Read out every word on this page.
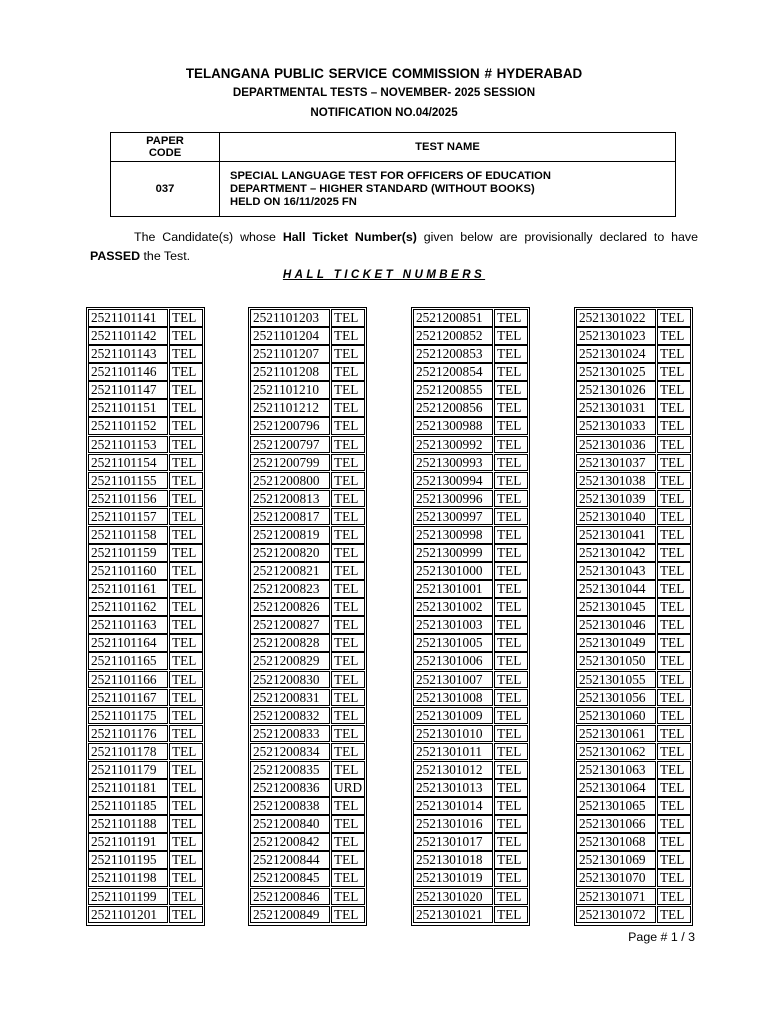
TELANGANA PUBLIC SERVICE COMMISSION # HYDERABAD
DEPARTMENTAL TESTS – NOVEMBER- 2025 SESSION
NOTIFICATION NO.04/2025
PAPER
CODE	TEST NAME
037	SPECIAL LANGUAGE TEST FOR OFFICERS OF EDUCATION
DEPARTMENT – HIGHER STANDARD (WITHOUT BOOKS)
HELD ON 16/11/2025 FN
The Candidate(s) whose Hall Ticket Number(s) given below are provisionally declared to have PASSED the Test.
HALL TICKET NUMBERS
2521101141	TEL
2521101142	TEL
2521101143	TEL
2521101146	TEL
2521101147	TEL
2521101151	TEL
2521101152	TEL
2521101153	TEL
2521101154	TEL
2521101155	TEL
2521101156	TEL
2521101157	TEL
2521101158	TEL
2521101159	TEL
2521101160	TEL
2521101161	TEL
2521101162	TEL
2521101163	TEL
2521101164	TEL
2521101165	TEL
2521101166	TEL
2521101167	TEL
2521101175	TEL
2521101176	TEL
2521101178	TEL
2521101179	TEL
2521101181	TEL
2521101185	TEL
2521101188	TEL
2521101191	TEL
2521101195	TEL
2521101198	TEL
2521101199	TEL
2521101201	TEL
2521101203	TEL
2521101204	TEL
2521101207	TEL
2521101208	TEL
2521101210	TEL
2521101212	TEL
2521200796	TEL
2521200797	TEL
2521200799	TEL
2521200800	TEL
2521200813	TEL
2521200817	TEL
2521200819	TEL
2521200820	TEL
2521200821	TEL
2521200823	TEL
2521200826	TEL
2521200827	TEL
2521200828	TEL
2521200829	TEL
2521200830	TEL
2521200831	TEL
2521200832	TEL
2521200833	TEL
2521200834	TEL
2521200835	TEL
2521200836	URD
2521200838	TEL
2521200840	TEL
2521200842	TEL
2521200844	TEL
2521200845	TEL
2521200846	TEL
2521200849	TEL
2521200851	TEL
2521200852	TEL
2521200853	TEL
2521200854	TEL
2521200855	TEL
2521200856	TEL
2521300988	TEL
2521300992	TEL
2521300993	TEL
2521300994	TEL
2521300996	TEL
2521300997	TEL
2521300998	TEL
2521300999	TEL
2521301000	TEL
2521301001	TEL
2521301002	TEL
2521301003	TEL
2521301005	TEL
2521301006	TEL
2521301007	TEL
2521301008	TEL
2521301009	TEL
2521301010	TEL
2521301011	TEL
2521301012	TEL
2521301013	TEL
2521301014	TEL
2521301016	TEL
2521301017	TEL
2521301018	TEL
2521301019	TEL
2521301020	TEL
2521301021	TEL
2521301022	TEL
2521301023	TEL
2521301024	TEL
2521301025	TEL
2521301026	TEL
2521301031	TEL
2521301033	TEL
2521301036	TEL
2521301037	TEL
2521301038	TEL
2521301039	TEL
2521301040	TEL
2521301041	TEL
2521301042	TEL
2521301043	TEL
2521301044	TEL
2521301045	TEL
2521301046	TEL
2521301049	TEL
2521301050	TEL
2521301055	TEL
2521301056	TEL
2521301060	TEL
2521301061	TEL
2521301062	TEL
2521301063	TEL
2521301064	TEL
2521301065	TEL
2521301066	TEL
2521301068	TEL
2521301069	TEL
2521301070	TEL
2521301071	TEL
2521301072	TEL
Page # 1 / 3
